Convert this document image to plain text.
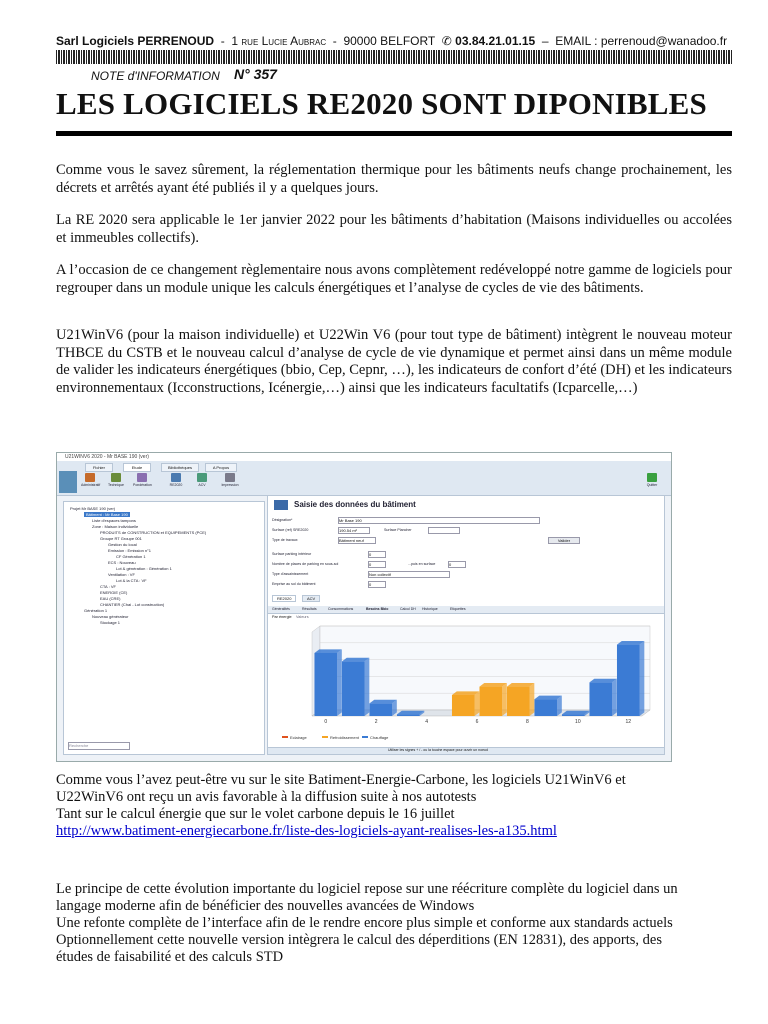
Sarl Logiciels PERRENOUD - 1 rue Lucie Aubrac - 90000 BELFORT ✆ 03.84.21.01.15 – EMAIL : perrenoud@wanadoo.fr
NOTE d'INFORMATION N° 357
LES LOGICIELS RE2020 SONT DIPONIBLES
Comme vous le savez sûrement, la réglementation thermique pour les bâtiments neufs change prochainement, les décrets et arrêtés ayant été publiés il y a quelques jours.
La RE 2020 sera applicable le 1er janvier 2022 pour les bâtiments d’habitation (Maisons individuelles ou accolées et immeubles collectifs).
A l’occasion de ce changement règlementaire nous avons complètement redéveloppé notre gamme de logiciels pour regrouper dans un module unique les calculs énergétiques et l’analyse de cycles de vie des bâtiments.
U21WinV6 (pour la maison individuelle) et U22Win V6 (pour tout type de bâtiment) intègrent le nouveau moteur THBCE du CSTB et le nouveau calcul d’analyse de cycle de vie dynamique et permet ainsi dans un même module de valider les indicateurs énergétiques (bbio, Cep, Cepnr, …), les indicateurs de confort d’été (DH) et les indicateurs environnementaux (Icconstructions, Icénergie,…) ainsi que les indicateurs facultatifs (Icparcelle,…)
U21WINV6 2020 - Mr BASE 190 (ver)
Fichier	Etude	Bibliothèques	A Propos
Administratif Technique	Pondération	RE2020	ACV	Impression	Quitter
Projet Mr BASE 190 (ver)
Bâtiment : Mr Base 190
Liste d'espaces tampons
Zone : Maison individuelle
PRODUITS de CONSTRUCTION et EQUIPEMENTS (PCE)
Groupe RT Groupe 001
Gestion du local
Emission : Emission n°1
CF Génération 1
ECS : Nouveau
Lot & génération : Génération 1
Ventilation : VF
Lot & la CTA : VF
CTA : VF
ENERGIE (CE)
EAU (CRE)
CHANTIER (Chai - Lot construction)
Génération 1
Nouveau générateur
Stockage 1
Recherche
Saisie des données du bâtiment
Désignation*	Mr Base 190
Surface (ref) SRE2020	190.54 m²	Surface Plancher
Type de travaux	Bâtiment neuf	Valider
Surface parking intérieur	0
Nombre de places de parking en sous-sol	0	...puis en surface	0
Type d'assainissement	Non collectif
Emprise au sol du bâtiment	0
RE2020	ACV
Généralités	Résultats	Consommations	Besoins Bbio	Calcul DH Historique	Etiquettes
Par énergie Valeurs
0	2	4	6	8	10	12
Eclairage	Refroidissement	Chauffage
Utiliser les signes + / - ou la touche espace pour ouvrir un noeud
Comme vous l’avez peut-être vu sur le site Batiment-Energie-Carbone, les logiciels U21WinV6 et
U22WinV6 ont reçu un avis favorable à la diffusion suite à nos autotests
Tant sur le calcul énergie que sur le volet carbone depuis le 16 juillet
http://www.batiment-energiecarbone.fr/liste-des-logiciels-ayant-realises-les-a135.html
Le principe de cette évolution importante du logiciel repose sur une réécriture complète du logiciel dans un
langage moderne afin de bénéficier des nouvelles avancées de Windows
Une refonte complète de l’interface afin de le rendre encore plus simple et conforme aux standards actuels
Optionnellement cette nouvelle version intègrera le calcul des déperditions (EN 12831), des apports, des
études de faisabilité et des calculs STD
